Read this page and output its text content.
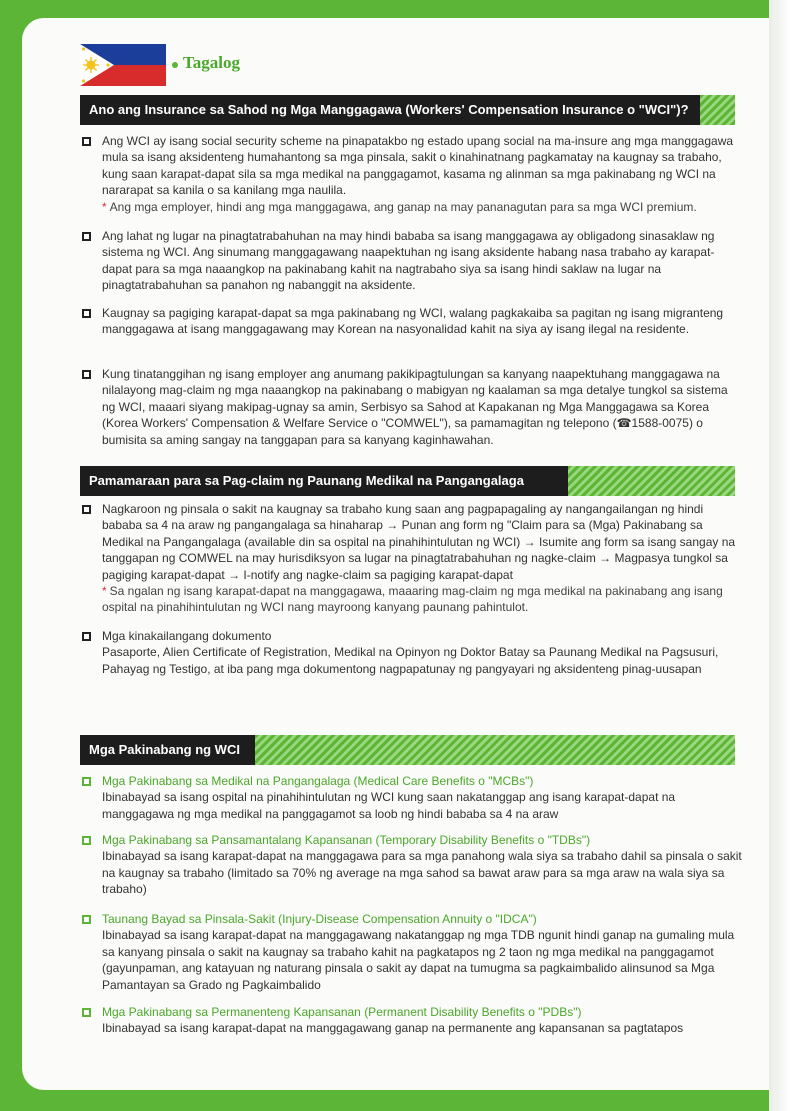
Tagalog
Ano ang Insurance sa Sahod ng Mga Manggagawa (Workers' Compensation Insurance o "WCI")?

Ang WCI ay isang social security scheme na pinapatakbo ng estado upang social na ma-insure ang mga manggagawa mula sa isang aksidenteng humahantong sa mga pinsala, sakit o kinahinatnang pagkamatay na kaugnay sa trabaho, kung saan karapat-dapat sila sa mga medikal na panggagamot, kasama ng alinman sa mga pakinabang ng WCI na nararapat sa kanila o sa kanilang mga naulila.

* Ang mga employer, hindi ang mga manggagawa, ang ganap na may pananagutan para sa mga WCI premium.

Ang lahat ng lugar na pinagtatrabahuhan na may hindi bababa sa isang manggagawa ay obligadong sinasaklaw ng sistema ng WCI. Ang sinumang manggagawang naapektuhan ng isang aksidente habang nasa trabaho ay karapat-dapat para sa mga naaangkop na pakinabang kahit na nagtrabaho siya sa isang hindi saklaw na lugar na pinagtatrabahuhan sa panahon ng nabanggit na aksidente.

Kaugnay sa pagiging karapat-dapat sa mga pakinabang ng WCI, walang pagkakaiba sa pagitan ng isang migranteng manggagawa at isang manggagawang may Korean na nasyonalidad kahit na siya ay isang ilegal na residente.

Kung tinatanggihan ng isang employer ang anumang pakikipagtulungan sa kanyang naapektuhang manggagawa na nilalayong mag-claim ng mga naaangkop na pakinabang o mabigyan ng kaalaman sa mga detalye tungkol sa sistema ng WCI, maaari siyang makipag-ugnay sa amin, Serbisyo sa Sahod at Kapakanan ng Mga Manggagawa sa Korea (Korea Workers' Compensation & Welfare Service o "COMWEL"), sa pamamagitan ng telepono (☎1588-0075) o bumisita sa aming sangay na tanggapan para sa kanyang kaginhawahan.

Pamamaraan para sa Pag-claim ng Paunang Medikal na Pangangalaga

Nagkaroon ng pinsala o sakit na kaugnay sa trabaho kung saan ang pagpapagaling ay nangangailangan ng hindi bababa sa 4 na araw ng pangangalaga sa hinaharap → Punan ang form ng "Claim para sa (Mga) Pakinabang sa Medikal na Pangangalaga (available din sa ospital na pinahihintulutan ng WCI) → Isumite ang form sa isang sangay na tanggapan ng COMWEL na may hurisdiksyon sa lugar na pinagtatrabahuhan ng nagke-claim → Magpasya tungkol sa pagiging karapat-dapat → I-notify ang nagke-claim sa pagiging karapat-dapat

* Sa ngalan ng isang karapat-dapat na manggagawa, maaaring mag-claim ng mga medikal na pakinabang ang isang ospital na pinahihintulutan ng WCI nang mayroong kanyang paunang pahintulot.

Mga kinakailangang dokumento

Pasaporte, Alien Certificate of Registration, Medikal na Opinyon ng Doktor Batay sa Paunang Medikal na Pagsusuri, Pahayag ng Testigo, at iba pang mga dokumentong nagpapatunay ng pangyayari ng aksidenteng pinag-uusapan

Mga Pakinabang ng WCI

Mga Pakinabang sa Medikal na Pangangalaga (Medical Care Benefits o "MCBs")

Ibinabayad sa isang ospital na pinahihintulutan ng WCI kung saan nakatanggap ang isang karapat-dapat na manggagawa ng mga medikal na panggagamot sa loob ng hindi bababa sa 4 na araw

Mga Pakinabang sa Pansamantalang Kapansanan (Temporary Disability Benefits o "TDBs")

Ibinabayad sa isang karapat-dapat na manggagawa para sa mga panahong wala siya sa trabaho dahil sa pinsala o sakit na kaugnay sa trabaho (limitado sa 70% ng average na mga sahod sa bawat araw para sa mga araw na wala siya sa trabaho)

Taunang Bayad sa Pinsala-Sakit (Injury-Disease Compensation Annuity o "IDCA")

Ibinabayad sa isang karapat-dapat na manggagawang nakatanggap ng mga TDB ngunit hindi ganap na gumaling mula sa kanyang pinsala o sakit na kaugnay sa trabaho kahit na pagkatapos ng 2 taon ng mga medikal na panggagamot (gayunpaman, ang katayuan ng naturang pinsala o sakit ay dapat na tumugma sa pagkaimbalido alinsunod sa Mga Pamantayan sa Grado ng Pagkaimbalido

Mga Pakinabang sa Permanenteng Kapansanan (Permanent Disability Benefits o "PDBs")

Ibinabayad sa isang karapat-dapat na manggagawang ganap na permanente ang kapansanan sa pagtatapos
